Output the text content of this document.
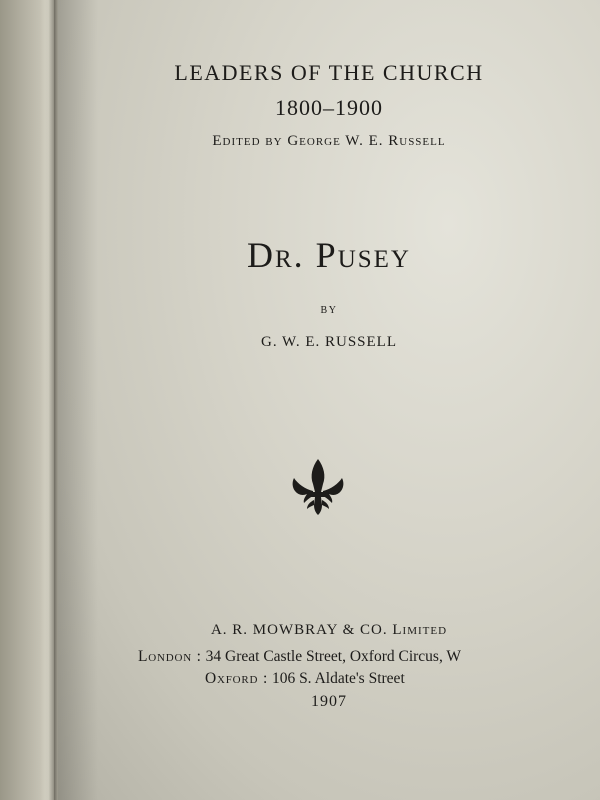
LEADERS OF THE CHURCH
1800–1900
Edited by George W. E. Russell
Dr. Pusey
BY
G. W. E. RUSSELL
A. R. MOWBRAY & CO. Limited
London : 34 Great Castle Street, Oxford Circus, W
Oxford : 106 S. Aldate's Street
1907
